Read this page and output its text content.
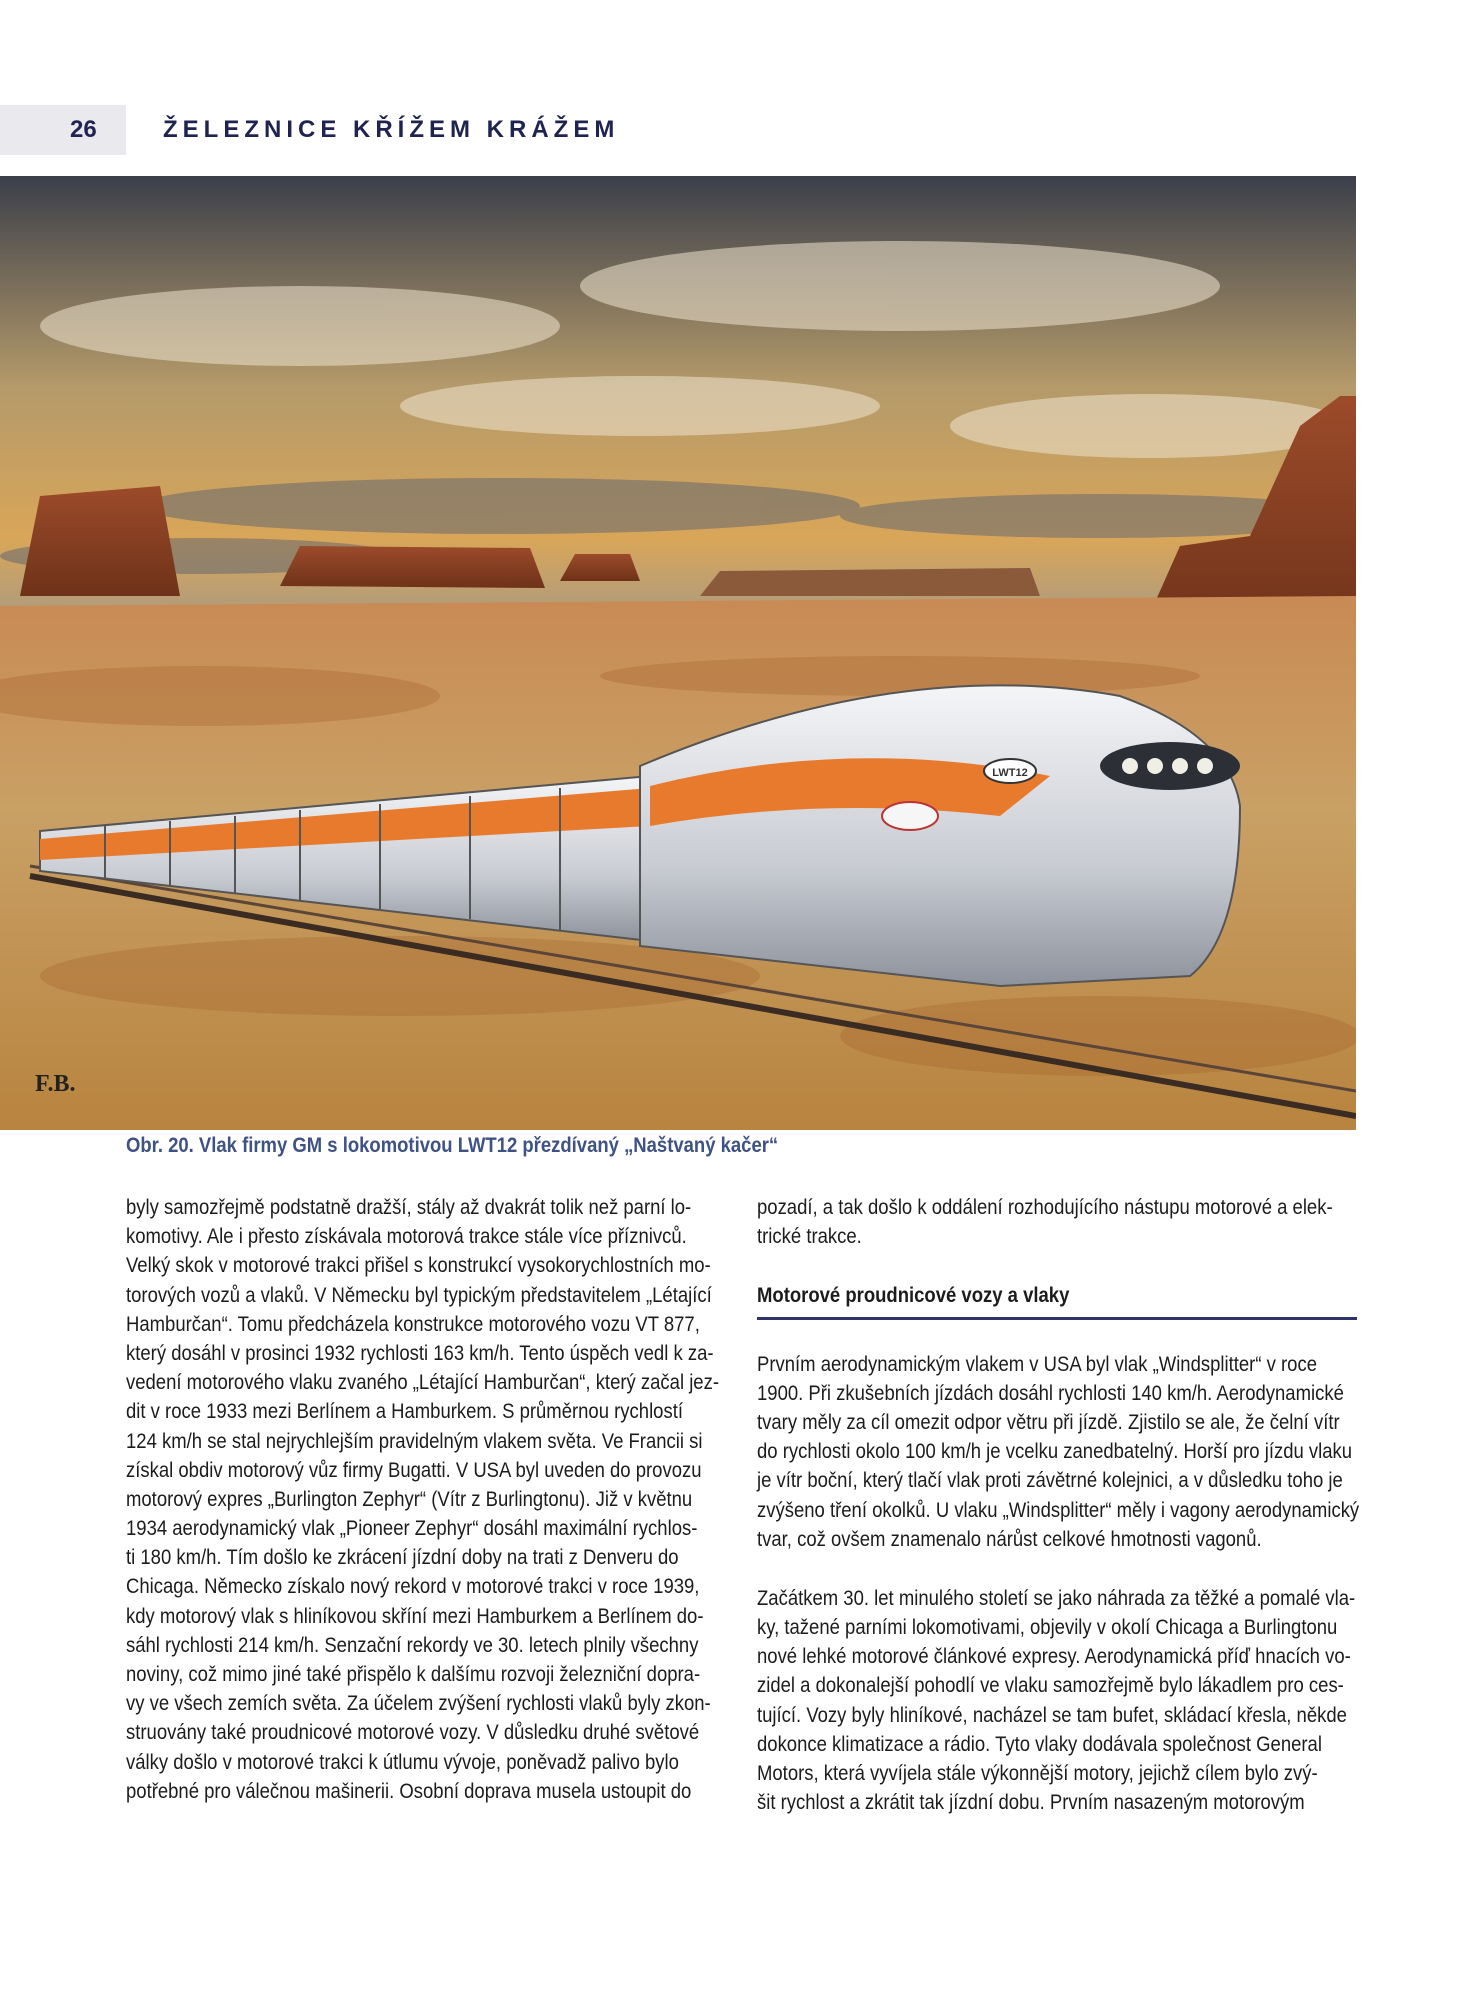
26	ŽELEZNICE KŘÍŽEM KRÁŽEM
LWT12
F.B.
Obr. 20. Vlak firmy GM s lokomotivou LWT12 přezdívaný „Naštvaný kačer“
byly samozřejmě podstatně dražší, stály až dvakrát tolik než parní lo-
komotivy. Ale i přesto získávala motorová trakce stále více příznivců.
Velký skok v motorové trakci přišel s konstrukcí vysokorychlostních mo-
torových vozů a vlaků. V Německu byl typickým představitelem „Létající
Hamburčan“. Tomu předcházela konstrukce motorového vozu VT 877,
který dosáhl v prosinci 1932 rychlosti 163 km/h. Tento úspěch vedl k za-
vedení motorového vlaku zvaného „Létající Hamburčan“, který začal jez-
dit v roce 1933 mezi Berlínem a Hamburkem. S průměrnou rychlostí
124 km/h se stal nejrychlejším pravidelným vlakem světa. Ve Francii si
získal obdiv motorový vůz firmy Bugatti. V USA byl uveden do provozu
motorový expres „Burlington Zephyr“ (Vítr z Burlingtonu). Již v květnu
1934 aerodynamický vlak „Pioneer Zephyr“ dosáhl maximální rychlos-
ti 180 km/h. Tím došlo ke zkrácení jízdní doby na trati z Denveru do
Chicaga. Německo získalo nový rekord v motorové trakci v roce 1939,
kdy motorový vlak s hliníkovou skříní mezi Hamburkem a Berlínem do-
sáhl rychlosti 214 km/h. Senzační rekordy ve 30. letech plnily všechny
noviny, což mimo jiné také přispělo k dalšímu rozvoji železniční dopra-
vy ve všech zemích světa. Za účelem zvýšení rychlosti vlaků byly zkon-
struovány také proudnicové motorové vozy. V důsledku druhé světové
války došlo v motorové trakci k útlumu vývoje, poněvadž palivo bylo
potřebné pro válečnou mašinerii. Osobní doprava musela ustoupit do
pozadí, a tak došlo k oddálení rozhodujícího nástupu motorové a elek-
trické trakce.
Motorové proudnicové vozy a vlaky
Prvním aerodynamickým vlakem v USA byl vlak „Windsplitter“ v roce
1900. Při zkušebních jízdách dosáhl rychlosti 140 km/h. Aerodynamické
tvary měly za cíl omezit odpor větru při jízdě. Zjistilo se ale, že čelní vítr
do rychlosti okolo 100 km/h je vcelku zanedbatelný. Horší pro jízdu vlaku
je vítr boční, který tlačí vlak proti závětrné kolejnici, a v důsledku toho je
zvýšeno tření okolků. U vlaku „Windsplitter“ měly i vagony aerodynamický
tvar, což ovšem znamenalo nárůst celkové hmotnosti vagonů.
Začátkem 30. let minulého století se jako náhrada za těžké a pomalé vla-
ky, tažené parními lokomotivami, objevily v okolí Chicaga a Burlingtonu
nové lehké motorové článkové expresy. Aerodynamická příď hnacích vo-
zidel a dokonalejší pohodlí ve vlaku samozřejmě bylo lákadlem pro ces-
tující. Vozy byly hliníkové, nacházel se tam bufet, skládací křesla, někde
dokonce klimatizace a rádio. Tyto vlaky dodávala společnost General
Motors, která vyvíjela stále výkonnější motory, jejichž cílem bylo zvý-
šit rychlost a zkrátit tak jízdní dobu. Prvním nasazeným motorovým
